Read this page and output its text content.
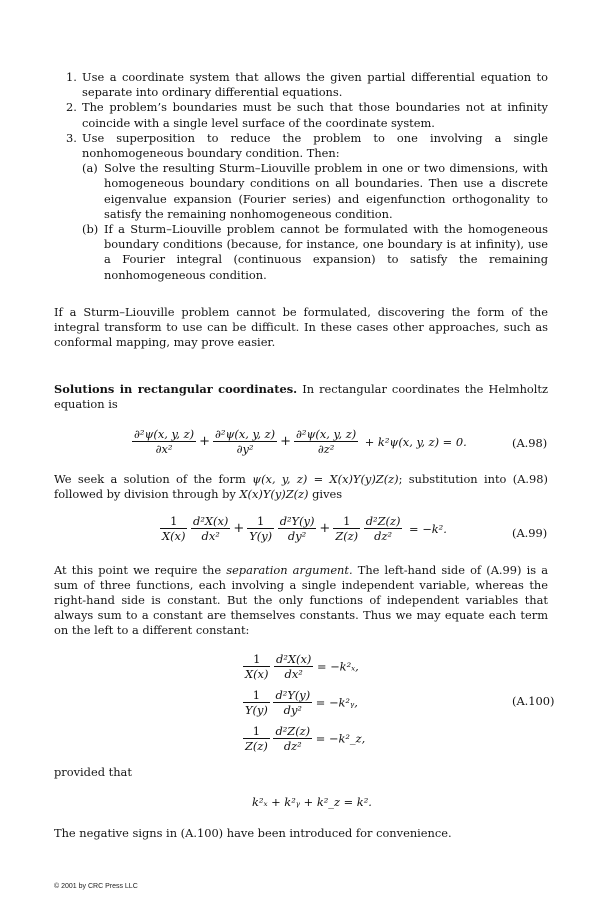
1. Use a coordinate system that allows the given partial differential equation to separate into ordinary differential equations.
2. The problem’s boundaries must be such that those boundaries not at infinity coincide with a single level surface of the coordinate system.
3. Use superposition to reduce the problem to one involving a single nonhomogeneous boundary condition. Then:
(a) Solve the resulting Sturm–Liouville problem in one or two dimensions, with homogeneous boundary conditions on all boundaries. Then use a discrete eigenvalue expansion (Fourier series) and eigenfunction orthogonality to satisfy the remaining nonhomogeneous condition.
(b) If a Sturm–Liouville problem cannot be formulated with the homogeneous boundary conditions (because, for instance, one boundary is at infinity), use a Fourier integral (continuous expansion) to satisfy the remaining nonhomogeneous condition.
If a Sturm–Liouville problem cannot be formulated, discovering the form of the integral transform to use can be difficult. In these cases other approaches, such as conformal mapping, may prove easier.
Solutions in rectangular coordinates. In rectangular coordinates the Helmholtz equation is
$\frac{\text{∂²ψ(x, y, z)}}{\text{∂x²}} + \frac{\text{∂²ψ(x, y, z)}}{\text{∂y²}} + \frac{\text{∂²ψ(x, y, z)}}{\text{∂z²}} + k^2\psi(x$, y, z) = 0.	(A.98)
We seek a solution of the form ψ(x, y, z) = X(x)Y(y)Z(z); substitution into (A.98) followed by division through by X(x)Y(y)Z(z) gives
$\frac{1}{X(x)}$
$\frac{\text{d²X(x)}}{\text{dx²}} + \frac{1}{Y(y)}$
$\frac{\text{d²Y(y)}}{\text{dy²}} + \frac{1}{Z(z)}$
$\frac{\text{d²Z(z)}}{\text{dz²}} = -k^2$.	(A.99)
At this point we require the separation argument. The left-hand side of (A.99) is a sum of three functions, each involving a single independent variable, whereas the right-hand side is constant. But the only functions of independent variables that always sum to a constant are themselves constants. Thus we may equate each term on the left to a different constant:
$\frac{1}{X(x)}$
$\frac{\text{d²X(x)}}{\text{dx²}} = -k^2_x$,
$\frac{1}{Y(y)}$
$\frac{\text{d²Y(y)}}{\text{dy²}}$ = −k²ᵧ,
$\frac{1}{Z(z)}$
$\frac{\text{d²Z(z)}}{\text{dz²}}$ = −k²_z,
(A.100)
provided that
k²ₓ + k²ᵧ + k²_z = k².
The negative signs in (A.100) have been introduced for convenience.
© 2001 by CRC Press LLC
